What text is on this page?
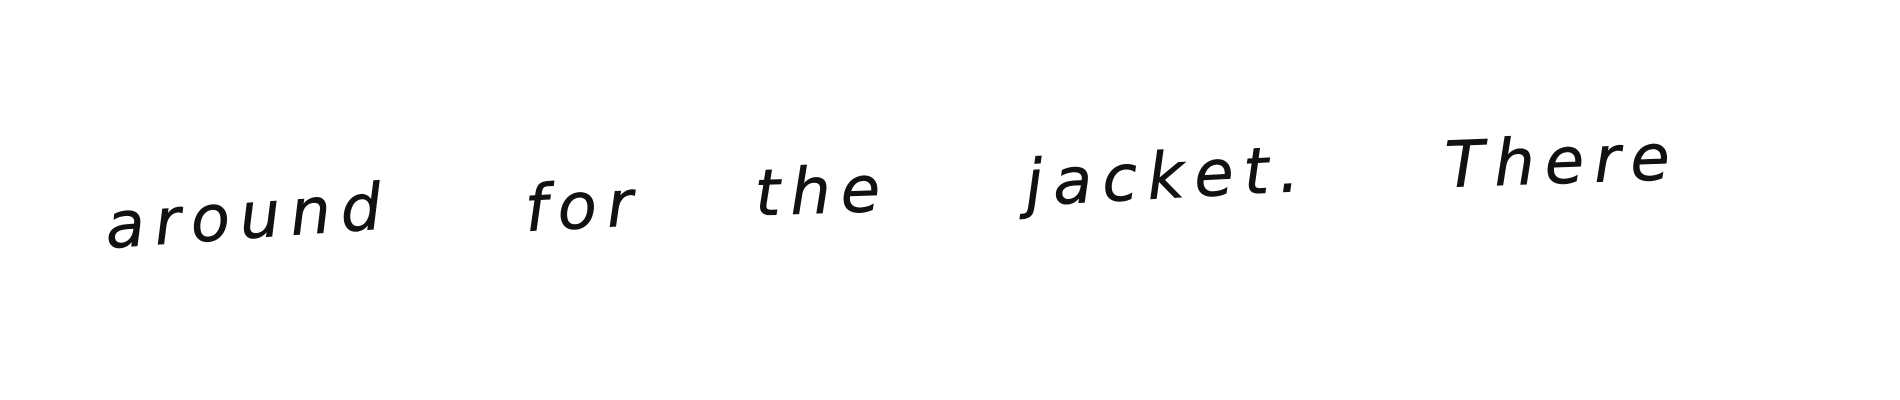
around for the jacket. There
